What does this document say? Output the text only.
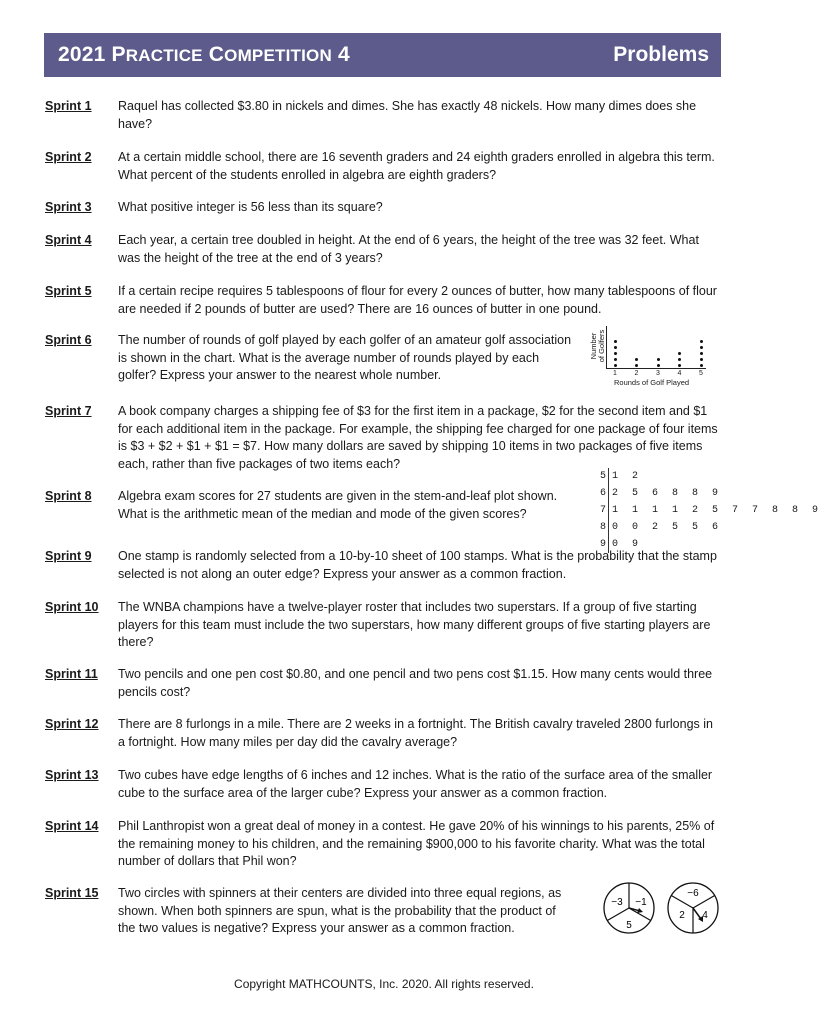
2021 PRACTICE COMPETITION 4	Problems
Sprint 1 Raquel has collected $3.80 in nickels and dimes. She has exactly 48 nickels. How many dimes does she have?
Sprint 2 At a certain middle school, there are 16 seventh graders and 24 eighth graders enrolled in algebra this term. What percent of the students enrolled in algebra are eighth graders?
Sprint 3 What positive integer is 56 less than its square?
Sprint 4 Each year, a certain tree doubled in height. At the end of 6 years, the height of the tree was 32 feet. What was the height of the tree at the end of 3 years?
Sprint 5 If a certain recipe requires 5 tablespoons of flour for every 2 ounces of butter, how many tablespoons of flour are needed if 2 pounds of butter are used? There are 16 ounces of butter in one pound.
Sprint 6 The number of rounds of golf played by each golfer of an amateur golf association is shown in the chart. What is the average number of rounds played by each golfer? Express your answer to the nearest whole number.
Number
of Golfers
Rounds of Golf Played
1	2	3	4	5
Sprint 7 A book company charges a shipping fee of $3 for the first item in a package, $2 for the second item and $1 for each additional item in the package. For example, the shipping fee charged for one package of four items is $3 + $2 + $1 + $1 = $7. How many dollars are saved by shipping 10 items in two packages of five items each, rather than five packages of two items each?
Sprint 8 Algebra exam scores for 27 students are given in the stem-and-leaf plot shown. What is the arithmetic mean of the median and mode of the given scores?
5 1 2
6 2 5 6 8 8 9
7 1 1 1 1 2 5 7 7 8 8 9
8 0 0 2 5 5 6
9 0 9
Sprint 9 One stamp is randomly selected from a 10-by-10 sheet of 100 stamps. What is the probability that the stamp selected is not along an outer edge? Express your answer as a common fraction.
Sprint 10 The WNBA champions have a twelve-player roster that includes two superstars. If a group of five starting players for this team must include the two superstars, how many different groups of five starting players are there?
Sprint 11 Two pencils and one pen cost $0.80, and one pencil and two pens cost $1.15. How many cents would three pencils cost?
Sprint 12 There are 8 furlongs in a mile. There are 2 weeks in a fortnight. The British cavalry traveled 2800 furlongs in a fortnight. How many miles per day did the cavalry average?
Sprint 13 Two cubes have edge lengths of 6 inches and 12 inches. What is the ratio of the surface area of the smaller cube to the surface area of the larger cube? Express your answer as a common fraction.
Sprint 14 Phil Lanthropist won a great deal of money in a contest. He gave 20% of his winnings to his parents, 25% of the remaining money to his children, and the remaining $900,000 to his favorite charity. What was the total number of dollars that Phil won?
Sprint 15 Two circles with spinners at their centers are divided into three equal regions, as shown. When both spinners are spun, what is the probability that the product of the two values is negative? Express your answer as a common fraction.
−3 −1
5
−6
2 4
Copyright MATHCOUNTS, Inc. 2020. All rights reserved.
